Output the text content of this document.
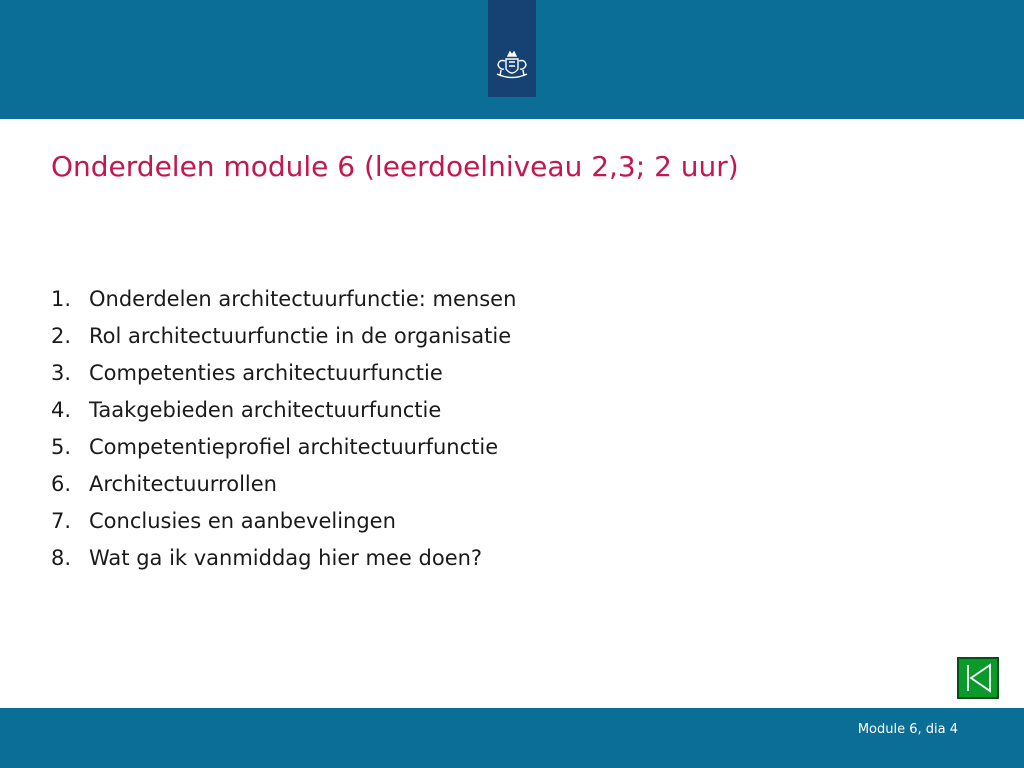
Onderdelen module 6 (leerdoelniveau 2,3; 2 uur)
1. Onderdelen architectuurfunctie: mensen
2. Rol architectuurfunctie in de organisatie
3. Competenties architectuurfunctie
4. Taakgebieden architectuurfunctie
5. Competentieprofiel architectuurfunctie
6. Architectuurrollen
7. Conclusies en aanbevelingen
8. Wat ga ik vanmiddag hier mee doen?
Module 6, dia 4
